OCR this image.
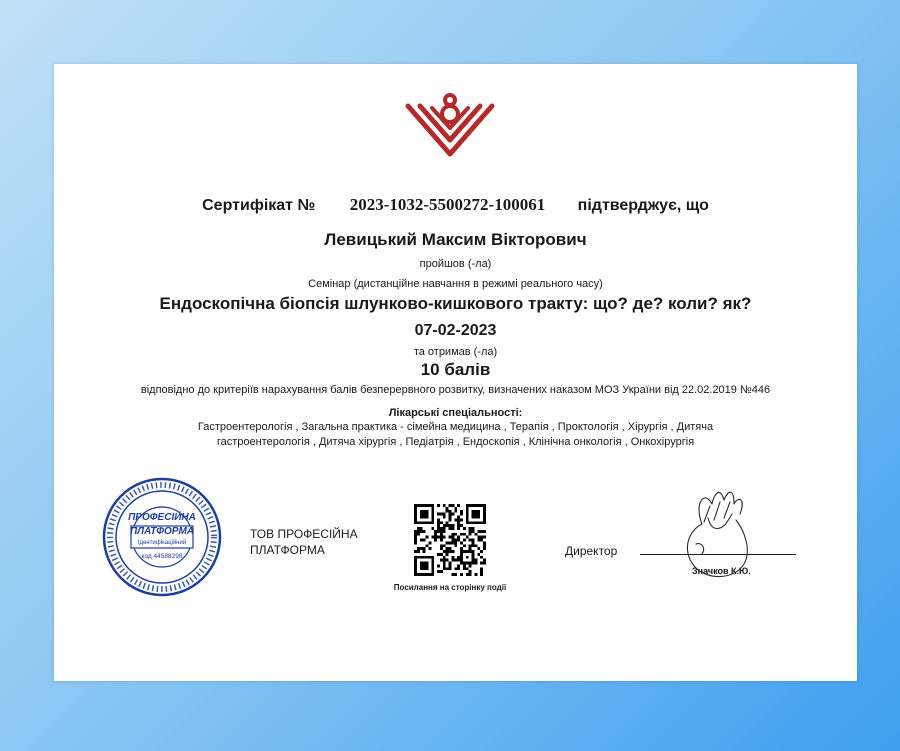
Сертифікат № 2023-1032-5500272-100061 підтверджує, що
Левицький Максим Вікторович
пройшов (-ла)
Семінар (дистанційне навчання в режимі реального часу)
Ендоскопічна біопсія шлунково-кишкового тракту: що? де? коли? як?
07-02-2023
та отримав (-ла)
10 балів
відповідно до критеріїв нарахування балів безперервного розвитку, визначених наказом МОЗ України від 22.02.2019 №446
Лікарські спеціальності:
Гастроентерологія , Загальна практика - сімейна медицина , Терапія , Проктологія , Хірургія , Дитяча гастроентерологія , Дитяча хірургія , Педіатрія , Ендоскопія , Клінічна онкологія , Онкохірургія
ПРОФЕСІЙНА
ПЛАТФОРМА
Ідентифікаційний
код 44588298
ТОВ ПРОФЕСІЙНА
ПЛАТФОРМА
Посилання на сторінку події
Директор
Значков К.Ю.
